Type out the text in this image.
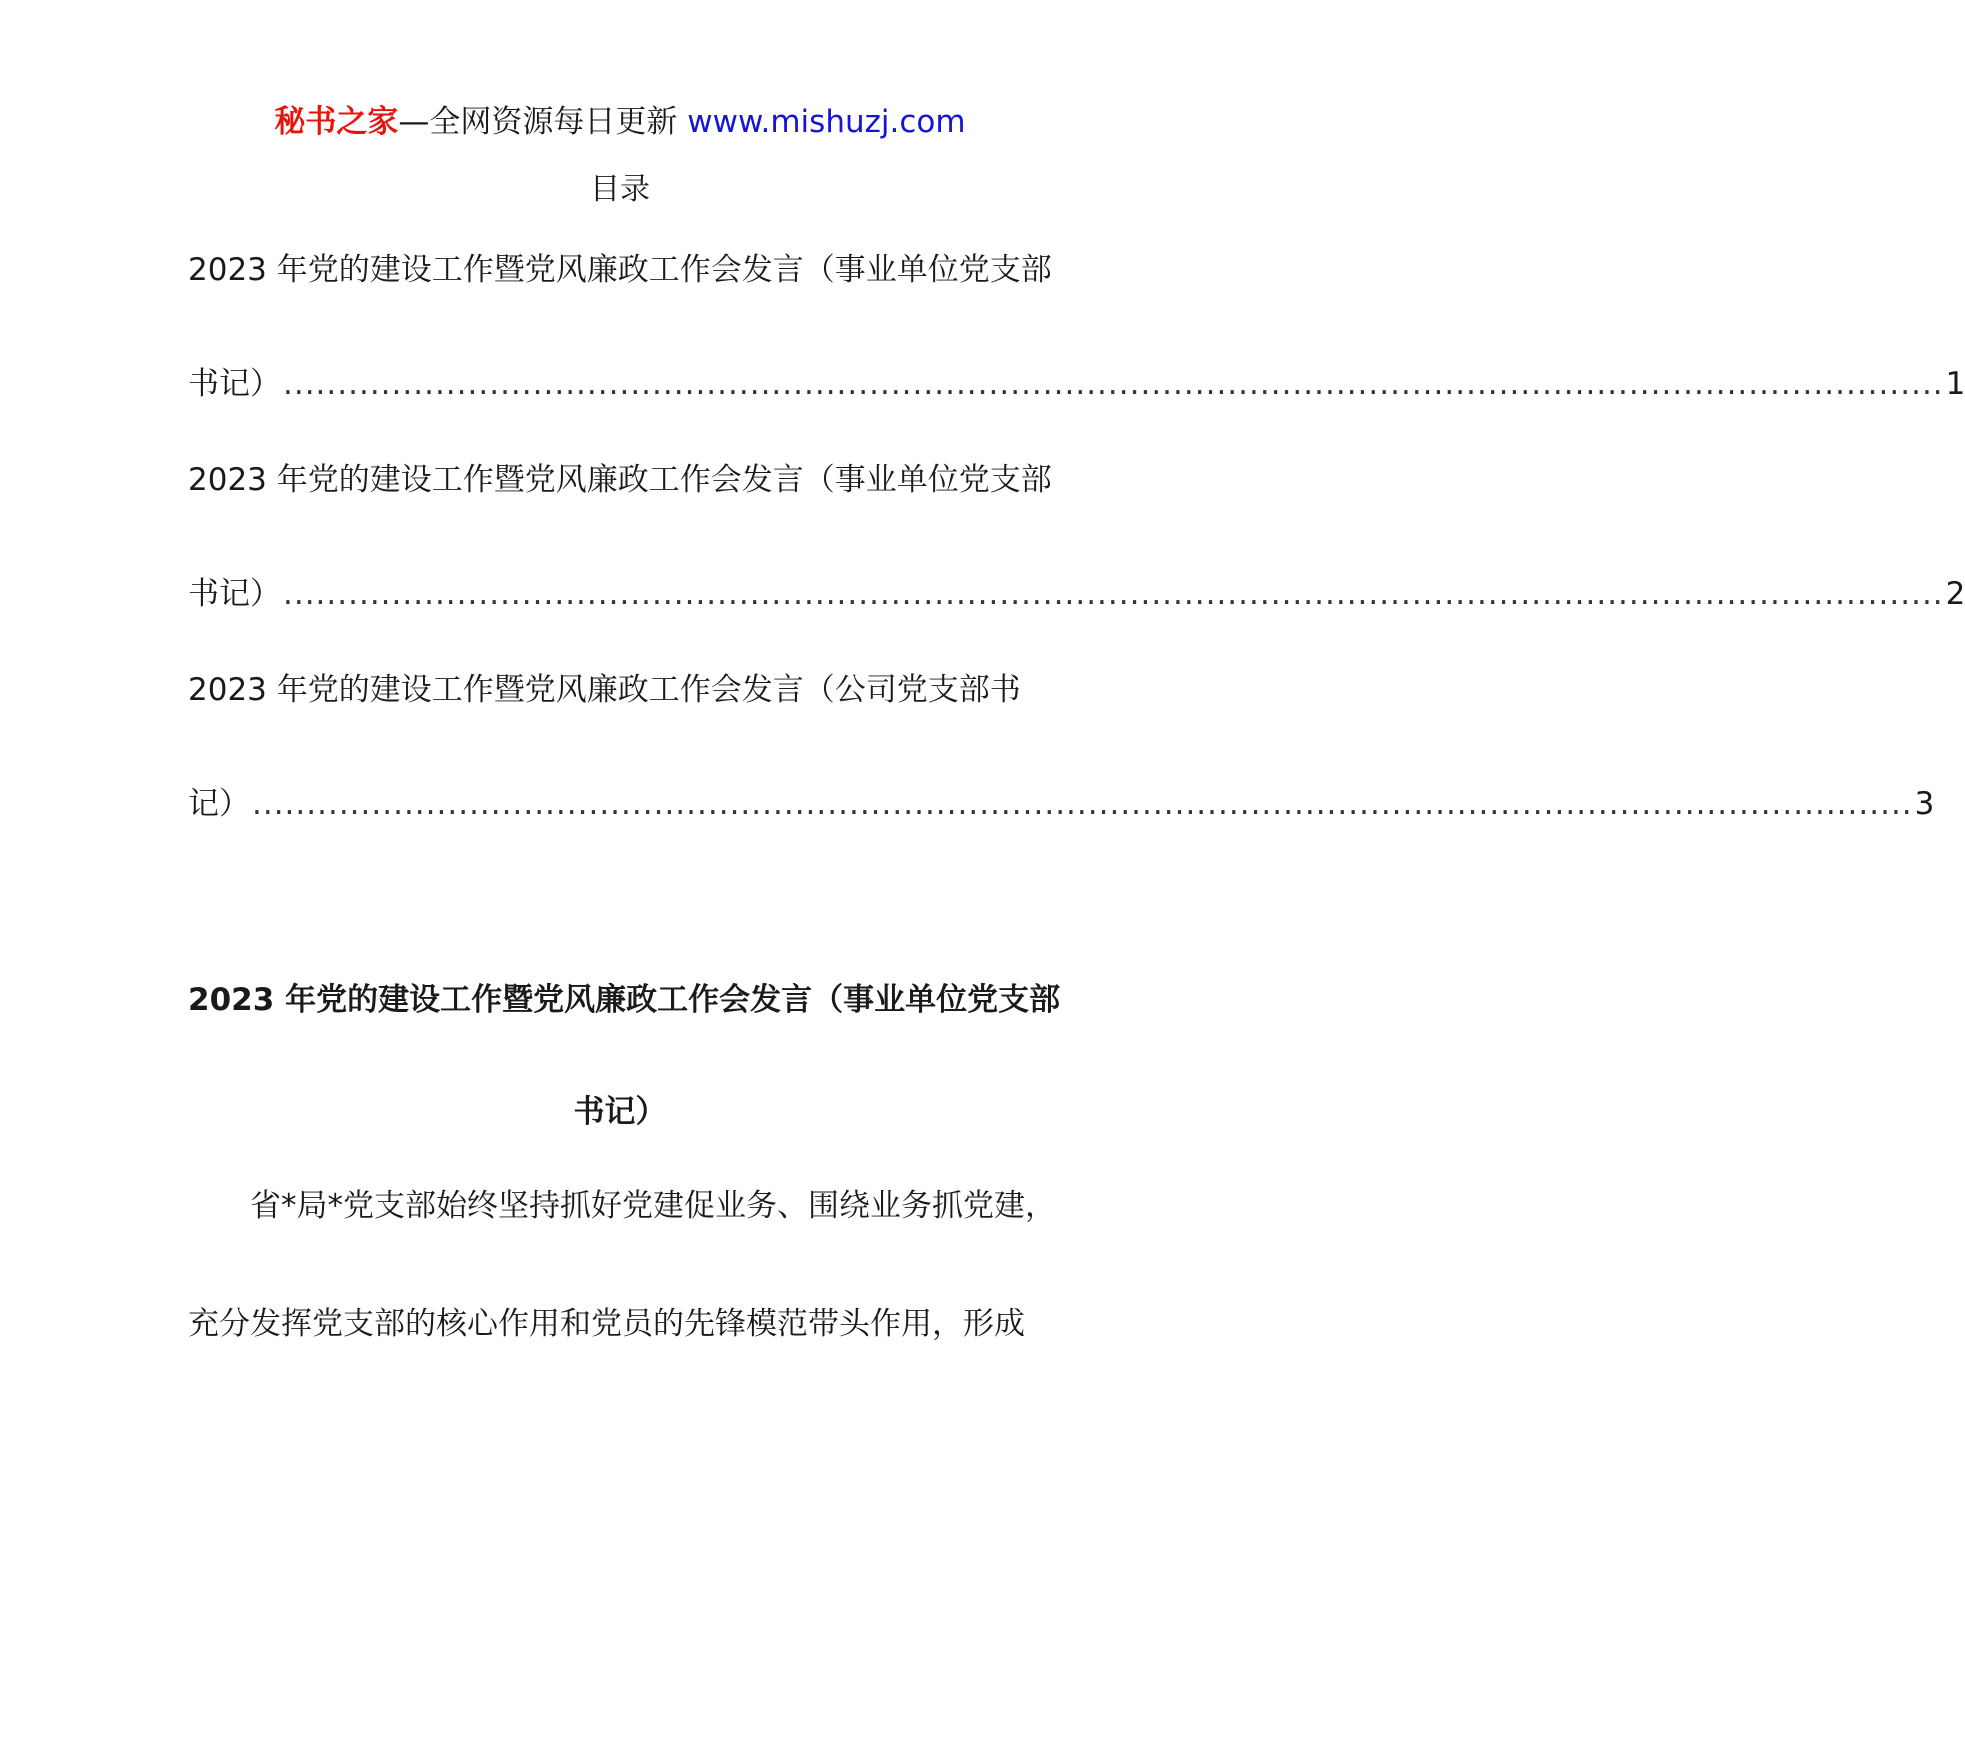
秘书之家—全网资源每日更新 www.mishuzj.com
目录
2023 年党的建设工作暨党风廉政工作会发言（事业单位党支部
书记） ......................................................................................................................................................... 1
2023 年党的建设工作暨党风廉政工作会发言（事业单位党支部
书记） ......................................................................................................................................................... 2
2023 年党的建设工作暨党风廉政工作会发言（公司党支部书
记） ......................................................................................................................................................... 3
2023 年党的建设工作暨党风廉政工作会发言（事业单位党支部
书记）
省*局*党支部始终坚持抓好党建促业务、围绕业务抓党建，
充分发挥党支部的核心作用和党员的先锋模范带头作用，形成
